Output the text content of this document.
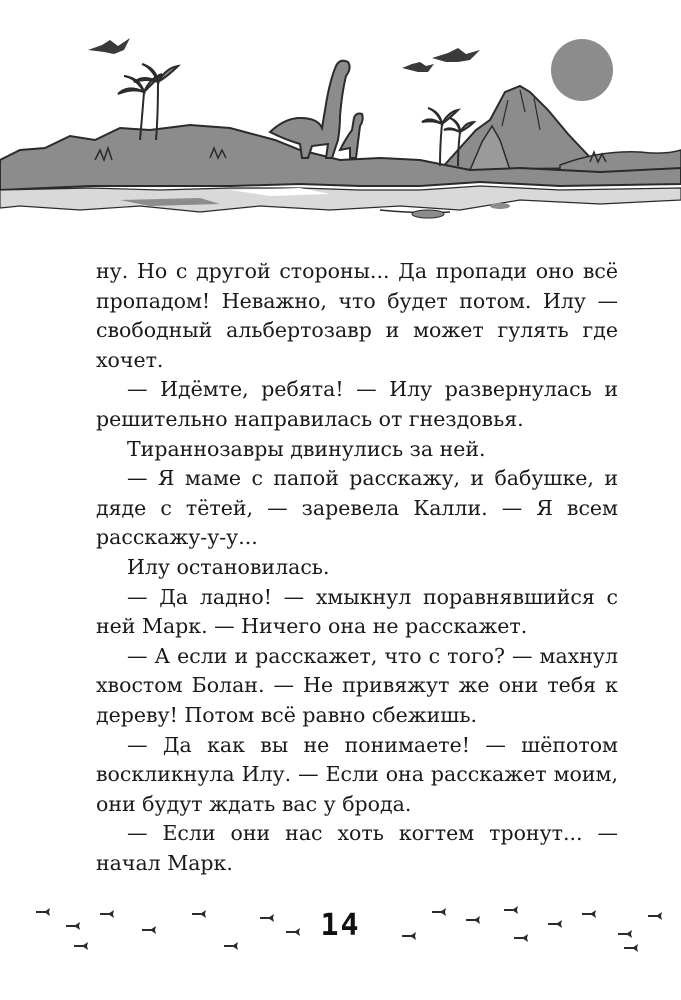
ну. Но с другой стороны... Да пропади оно всё пропадом! Неважно, что будет потом. Илу — свободный альбертозавр и может гулять где хочет.

— Идёмте, ребята! — Илу развернулась и решительно направилась от гнездовья.

Тираннозавры двинулись за ней.

— Я маме с папой расскажу, и бабушке, и дяде с тётей, — заревела Калли. — Я всем расскажу-у-у...

Илу остановилась.

— Да ладно! — хмыкнул поравнявшийся с ней Марк. — Ничего она не расскажет.

— А если и расскажет, что с того? — махнул хвостом Болан. — Не привяжут же они тебя к дереву! Потом всё равно сбежишь.

— Да как вы не понимаете! — шёпотом воскликнула Илу. — Если она расскажет моим, они будут ждать вас у брода.

— Если они нас хоть когтем тронут... — начал Марк.

14
